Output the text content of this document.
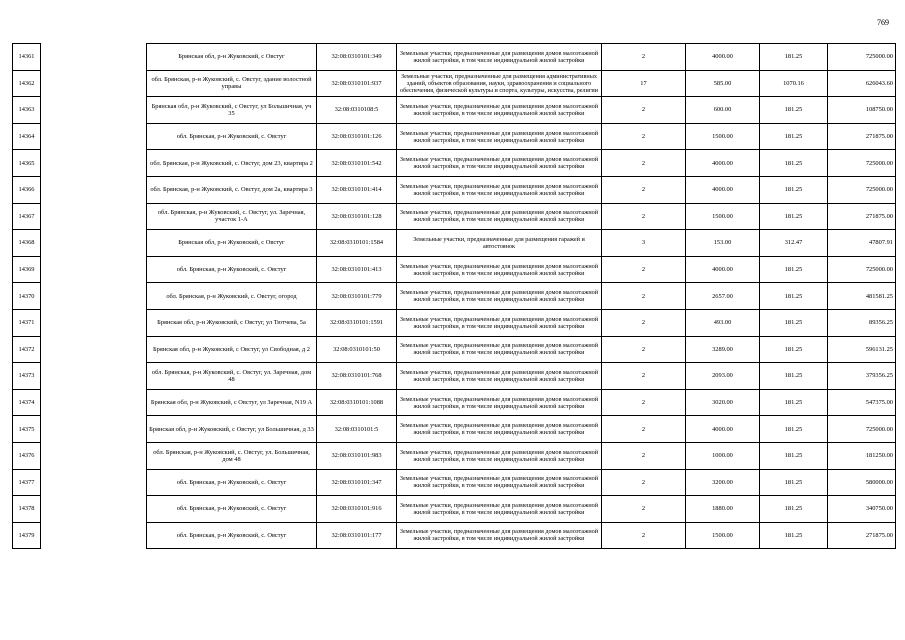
769
14361		Брянская обл, р-н Жуковский, с Овстуг	32:08:0310101:349	Земельные участки, предназначенные для размещения домов малоэтажной жилой застройки, в том числе индивидуальной жилой застройки	2	4000.00	181.25	725000.00
14362		обл. Брянская, р-н Жуковский, с. Овстуг, здание волостной управы	32:08:0310101:937	Земельные участки, предназначенные для размещения административных зданий, объектов образования, науки, здравоохранения и социального обеспечения, физической культуры и спорта, культуры, искусства, религии	17	585.00	1070.16	626043.60
14363		Брянская обл, р-н Жуковский, с Овстуг, ул Большичная, уч 35	32:08:0310108:5	Земельные участки, предназначенные для размещения домов малоэтажной жилой застройки, в том числе индивидуальной жилой застройки	2	600.00	181.25	108750.00
14364		обл. Брянская, р-н Жуковский, с. Овстуг	32:08:0310101:126	Земельные участки, предназначенные для размещения домов малоэтажной жилой застройки, в том числе индивидуальной жилой застройки	2	1500.00	181.25	271875.00
14365		обл. Брянская, р-н Жуковский, с. Овстуг, дом 23, квартира 2	32:08:0310101:542	Земельные участки, предназначенные для размещения домов малоэтажной жилой застройки, в том числе индивидуальной жилой застройки	2	4000.00	181.25	725000.00
14366		обл. Брянская, р-н Жуковский, с. Овстуг, дом 2а, квартира 3	32:08:0310101:414	Земельные участки, предназначенные для размещения домов малоэтажной жилой застройки, в том числе индивидуальной жилой застройки	2	4000.00	181.25	725000.00
14367		обл. Брянская, р-н Жуковский, с. Овстуг, ул. Заречная, участок 1-А	32:08:0310101:128	Земельные участки, предназначенные для размещения домов малоэтажной жилой застройки, в том числе индивидуальной жилой застройки	2	1500.00	181.25	271875.00
14368		Брянская обл, р-н Жуковский, с Овстуг	32:08:0310101:1584	Земельные участки, предназначенные для размещения гаражей и автостоянок	3	153.00	312.47	47807.91
14369		обл. Брянская, р-н Жуковский, с. Овстуг	32:08:0310101:413	Земельные участки, предназначенные для размещения домов малоэтажной жилой застройки, в том числе индивидуальной жилой застройки	2	4000.00	181.25	725000.00
14370		обл. Брянская, р-н Жуковский, с. Овстуг, огород	32:08:0310101:779	Земельные участки, предназначенные для размещения домов малоэтажной жилой застройки, в том числе индивидуальной жилой застройки	2	2657.00	181.25	481581.25
14371		Брянская обл, р-н Жуковский, с Овстуг, ул Тютчева, 5а	32:08:0310101:1591	Земельные участки, предназначенные для размещения домов малоэтажной жилой застройки, в том числе индивидуальной жилой застройки	2	493.00	181.25	89356.25
14372		Брянская обл, р-н Жуковский, с Овстуг, ул Свободная, д 2	32:08:0310101:50	Земельные участки, предназначенные для размещения домов малоэтажной жилой застройки, в том числе индивидуальной жилой застройки	2	3289.00	181.25	596131.25
14373		обл. Брянская, р-н Жуковский, с. Овстуг, ул. Заречная, дом 48	32:08:0310101:768	Земельные участки, предназначенные для размещения домов малоэтажной жилой застройки, в том числе индивидуальной жилой застройки	2	2093.00	181.25	379356.25
14374		Брянская обл, р-н Жуковский, с Овстуг, ул Заречная, N19 А	32:08:0310101:1088	Земельные участки, предназначенные для размещения домов малоэтажной жилой застройки, в том числе индивидуальной жилой застройки	2	3020.00	181.25	547375.00
14375		Брянская обл, р-н Жуковский, с Овстуг, ул Большичная, д 33	32:08:0310101:5	Земельные участки, предназначенные для размещения домов малоэтажной жилой застройки, в том числе индивидуальной жилой застройки	2	4000.00	181.25	725000.00
14376		обл. Брянская, р-н Жуковский, с. Овстуг, ул. Большичная, дом 48	32:08:0310101:983	Земельные участки, предназначенные для размещения домов малоэтажной жилой застройки, в том числе индивидуальной жилой застройки	2	1000.00	181.25	181250.00
14377		обл. Брянская, р-н Жуковский, с. Овстуг	32:08:0310101:347	Земельные участки, предназначенные для размещения домов малоэтажной жилой застройки, в том числе индивидуальной жилой застройки	2	3200.00	181.25	580000.00
14378		обл. Брянская, р-н Жуковский, с. Овстуг	32:08:0310101:916	Земельные участки, предназначенные для размещения домов малоэтажной жилой застройки, в том числе индивидуальной жилой застройки	2	1880.00	181.25	340750.00
14379		обл. Брянская, р-н Жуковский, с. Овстуг	32:08:0310101:177	Земельные участки, предназначенные для размещения домов малоэтажной жилой застройки, в том числе индивидуальной жилой застройки	2	1500.00	181.25	271875.00
